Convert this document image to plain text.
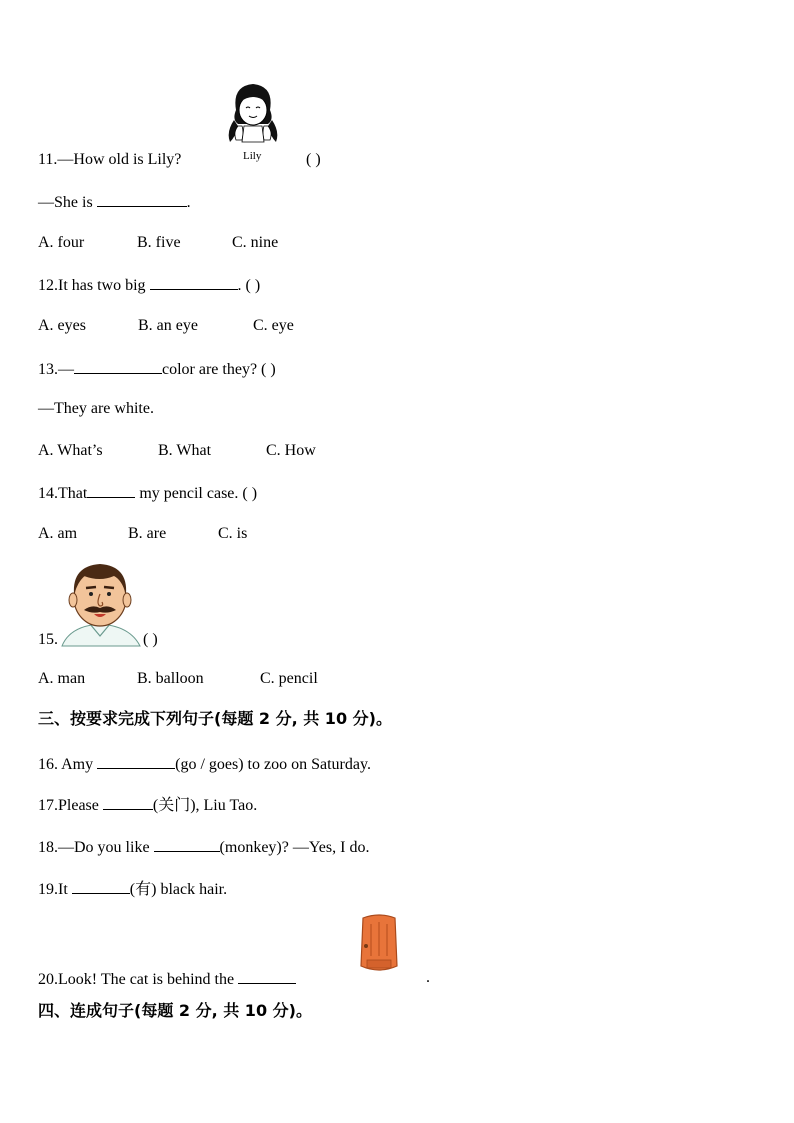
Lily
11.—How old is Lily?	( )
—She is	.
A. four	B. five	C. nine
12.It has two big	. ( )
A. eyes	B. an eye	C. eye
13.—	color are they? ( )
—They are white.
A. What’s	B. What	C. How
14.That	my pencil case. ( )
A. am	B. are	C. is
15.	( )
A. man	B. balloon	C. pencil
三、按要求完成下列句子(每题 2 分, 共 10 分)。
16. Amy	(go / goes) to zoo on Saturday.
17.Please	(关门), Liu Tao.
18.—Do you like	(monkey)? —Yes, I do.
19.It	(有) black hair.
20.Look! The cat is behind the	.
四、连成句子(每题 2 分, 共 10 分)。
